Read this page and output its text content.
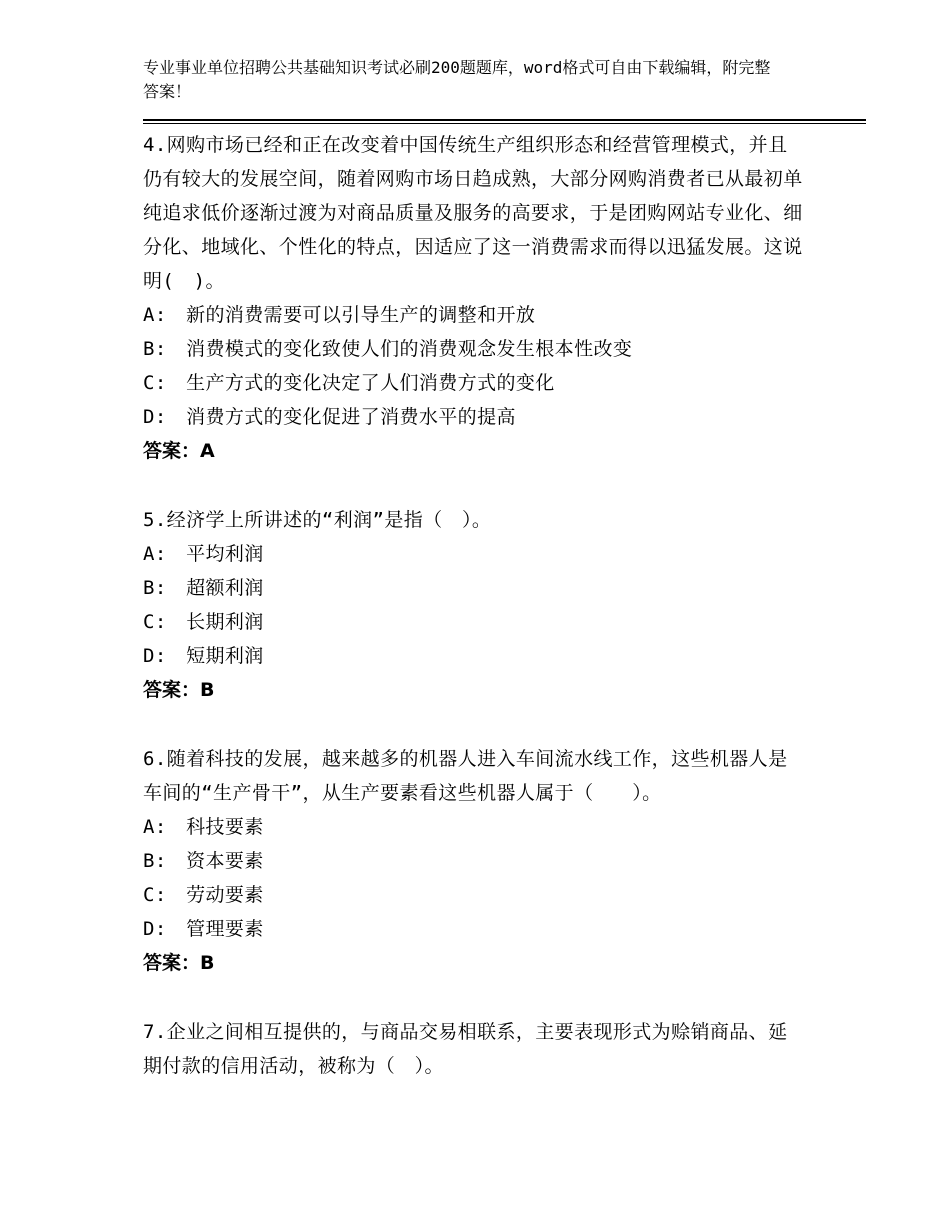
专业事业单位招聘公共基础知识考试必刷200题题库，word格式可自由下载编辑，附完整答案！

4.网购市场已经和正在改变着中国传统生产组织形态和经营管理模式，并且仍有较大的发展空间，随着网购市场日趋成熟，大部分网购消费者已从最初单纯追求低价逐渐过渡为对商品质量及服务的高要求，于是团购网站专业化、细分化、地域化、个性化的特点，因适应了这一消费需求而得以迅猛发展。这说明(　)。

A:　新的消费需要可以引导生产的调整和开放

B:　消费模式的变化致使人们的消费观念发生根本性改变

C:　生产方式的变化决定了人们消费方式的变化

D:　消费方式的变化促进了消费水平的提高

答案：A

5.经济学上所讲述的“利润”是指（　）。

A:　平均利润

B:　超额利润

C:　长期利润

D:　短期利润

答案：B

6.随着科技的发展，越来越多的机器人进入车间流水线工作，这些机器人是车间的“生产骨干”，从生产要素看这些机器人属于（　　）。

A:　科技要素

B:　资本要素

C:　劳动要素

D:　管理要素

答案：B

7.企业之间相互提供的，与商品交易相联系，主要表现形式为赊销商品、延期付款的信用活动，被称为（　）。
